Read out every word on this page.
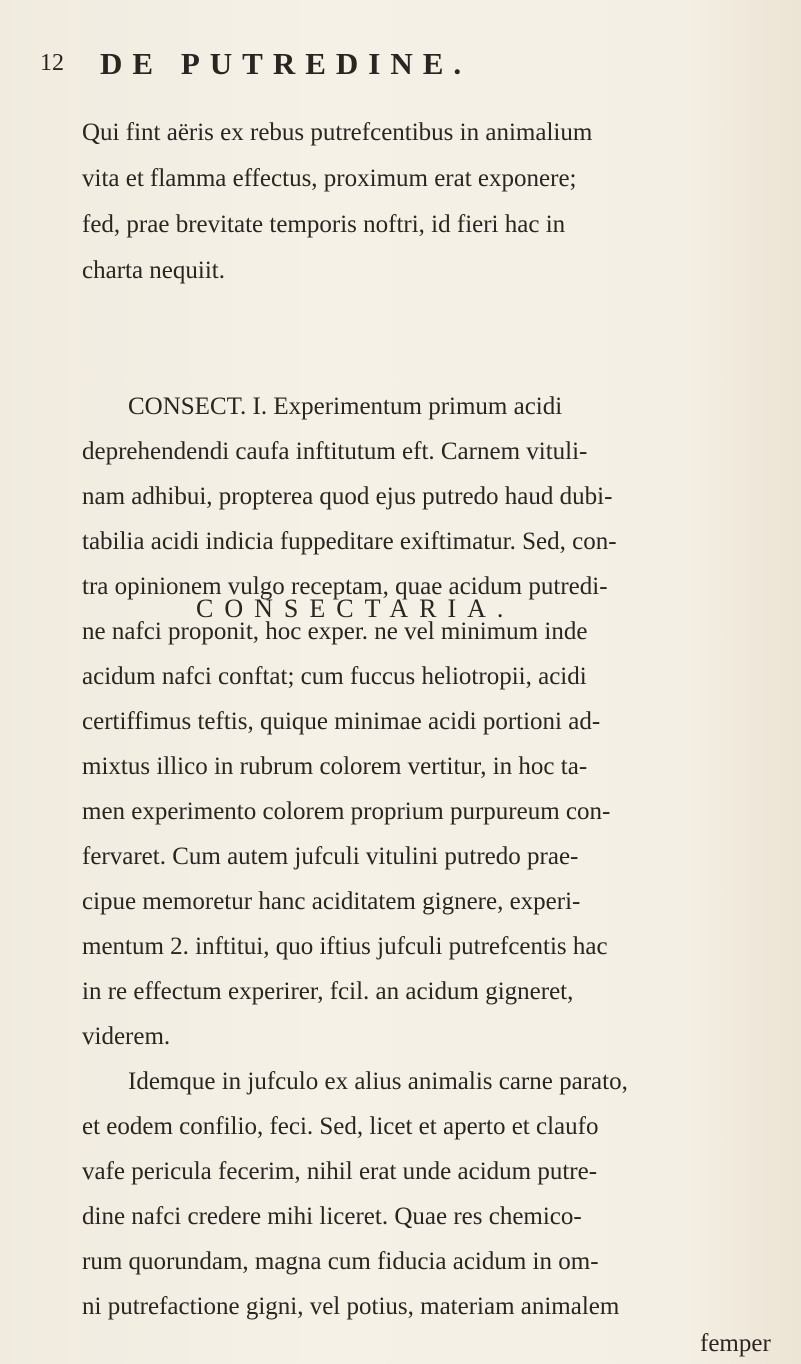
12 DE PUTREDINE.
Qui fint aëris ex rebus putrefcentibus in animalium
vita et flamma effectus, proximum erat exponere;
fed, prae brevitate temporis noftri, id fieri hac in
charta nequiit.
CONSECTARIA.
CONSECT. I. Experimentum primum acidi
deprehendendi caufa inftitutum eft. Carnem vituli-
nam adhibui, propterea quod ejus putredo haud dubi-
tabilia acidi indicia fuppeditare exiftimatur. Sed, con-
tra opinionem vulgo receptam, quae acidum putredi-
ne nafci proponit, hoc exper. ne vel minimum inde
acidum nafci conftat; cum fuccus heliotropii, acidi
certiffimus teftis, quique minimae acidi portioni ad-
mixtus illico in rubrum colorem vertitur, in hoc ta-
men experimento colorem proprium purpureum con-
fervaret. Cum autem jufculi vitulini putredo prae-
cipue memoretur hanc aciditatem gignere, experi-
mentum 2. inftitui, quo iftius jufculi putrefcentis hac
in re effectum experirer, fcil. an acidum gigneret,
viderem.
Idemque in jufculo ex alius animalis carne parato,
et eodem confilio, feci. Sed, licet et aperto et claufo
vafe pericula fecerim, nihil erat unde acidum putre-
dine nafci credere mihi liceret. Quae res chemico-
rum quorundam, magna cum fiducia acidum in om-
ni putrefactione gigni, vel potius, materiam animalem
femper
